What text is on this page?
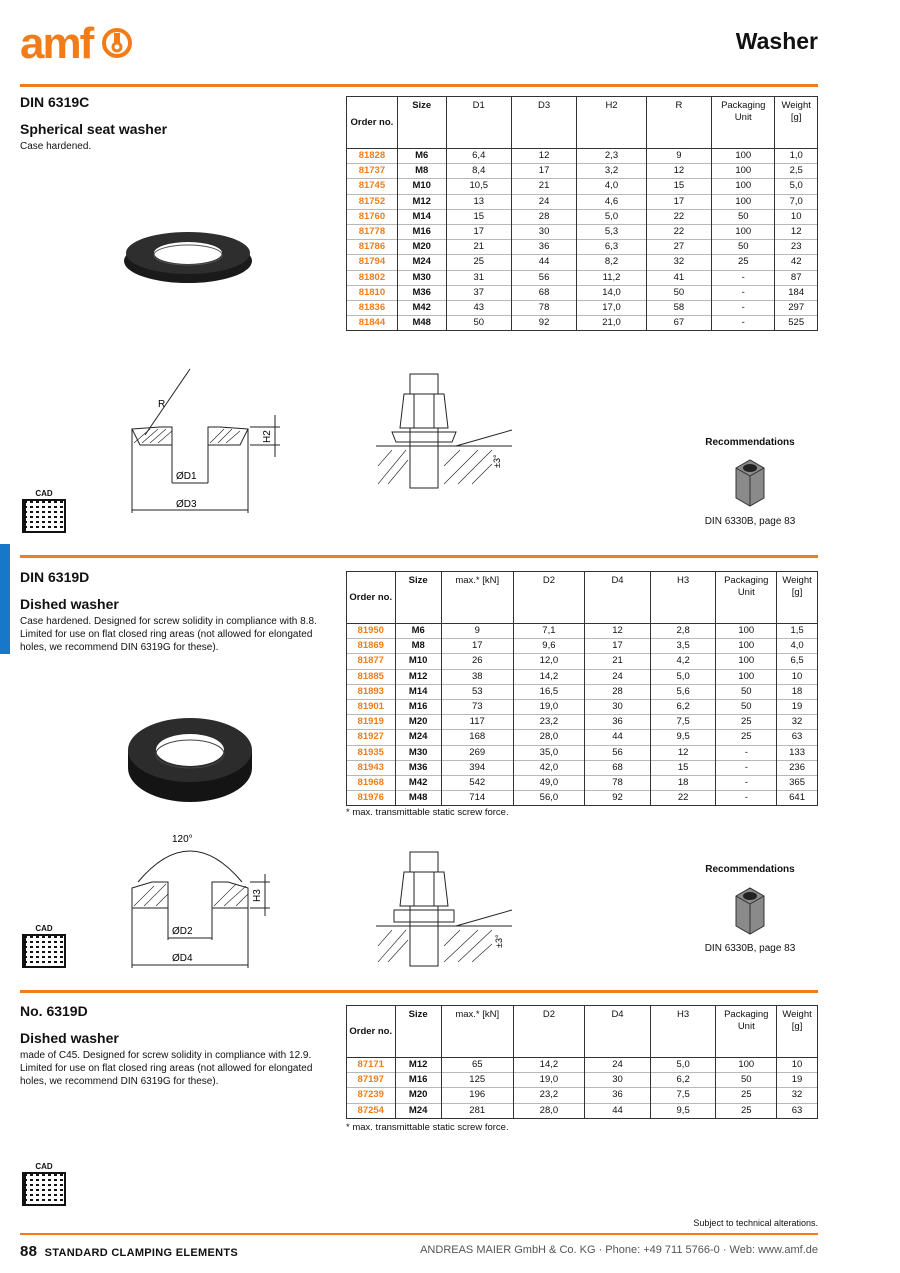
amf	Washer
DIN 6319C
Spherical seat washer
Case hardened.
Order no.	Size	D1	D3	H2	R	Packaging Unit	Weight [g]
81828	M6	6,4	12	2,3	9	100	1,0
81737	M8	8,4	17	3,2	12	100	2,5
81745	M10	10,5	21	4,0	15	100	5,0
81752	M12	13	24	4,6	17	100	7,0
81760	M14	15	28	5,0	22	50	10
81778	M16	17	30	5,3	22	100	12
81786	M20	21	36	6,3	27	50	23
81794	M24	25	44	8,2	32	25	42
81802	M30	31	56	11,2	41	-	87
81810	M36	37	68	14,0	50	-	184
81836	M42	43	78	17,0	58	-	297
81844	M48	50	92	21,0	67	-	525
R
H2
ØD1
ØD3
±3°
Recommendations
DIN 6330B, page 83
CAD
DIN 6319D
Dished washer
Case hardened. Designed for screw solidity in compliance with 8.8. Limited for use on flat closed ring areas (not allowed for elongated holes, we recommend DIN 6319G for these).
Order no.	Size	max.* [kN]	D2	D4	H3	Packaging Unit	Weight [g]
81950	M6	9	7,1	12	2,8	100	1,5
81869	M8	17	9,6	17	3,5	100	4,0
81877	M10	26	12,0	21	4,2	100	6,5
81885	M12	38	14,2	24	5,0	100	10
81893	M14	53	16,5	28	5,6	50	18
81901	M16	73	19,0	30	6,2	50	19
81919	M20	117	23,2	36	7,5	25	32
81927	M24	168	28,0	44	9,5	25	63
81935	M30	269	35,0	56	12	-	133
81943	M36	394	42,0	68	15	-	236
81968	M42	542	49,0	78	18	-	365
81976	M48	714	56,0	92	22	-	641
* max. transmittable static screw force.
120°
H3
ØD2
ØD4
±3°
Recommendations
DIN 6330B, page 83
CAD
No. 6319D
Dished washer
made of C45. Designed for screw solidity in compliance with 12.9. Limited for use on flat closed ring areas (not allowed for elongated holes, we recommend DIN 6319G for these).
Order no.	Size	max.* [kN]	D2	D4	H3	Packaging Unit	Weight [g]
87171	M12	65	14,2	24	5,0	100	10
87197	M16	125	19,0	30	6,2	50	19
87239	M20	196	23,2	36	7,5	25	32
87254	M24	281	28,0	44	9,5	25	63
* max. transmittable static screw force.
CAD
Subject to technical alterations.
88 STANDARD CLAMPING ELEMENTS	ANDREAS MAIER GmbH & Co. KG · Phone: +49 711 5766-0 · Web: www.amf.de
